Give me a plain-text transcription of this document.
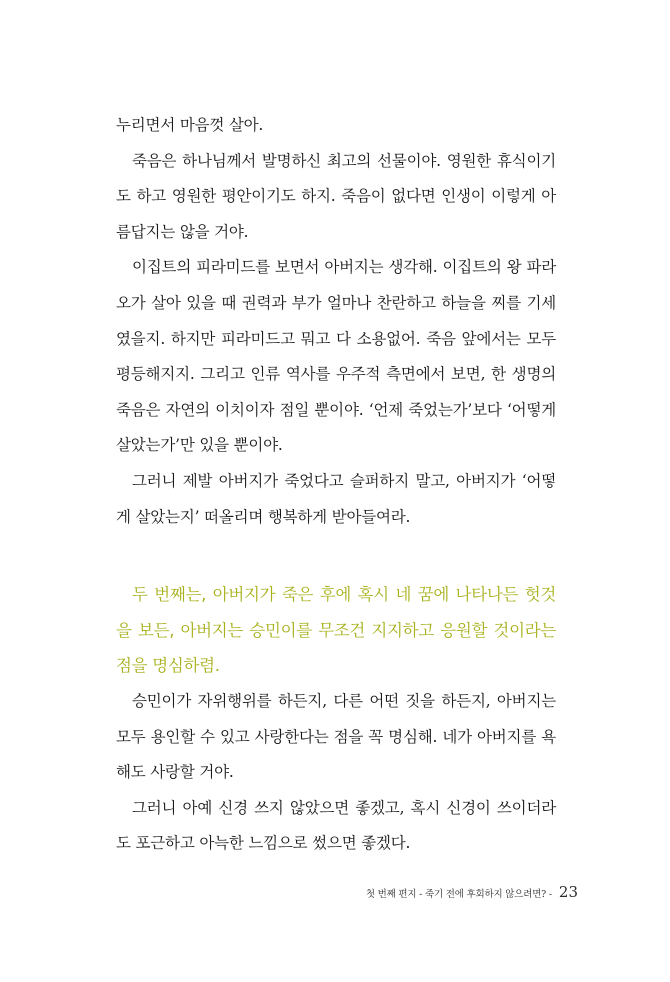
누리면서 마음껏 살아.

죽음은 하나님께서 발명하신 최고의 선물이야. 영원한 휴식이기도 하고 영원한 평안이기도 하지. 죽음이 없다면 인생이 이렇게 아름답지는 않을 거야.

이집트의 피라미드를 보면서 아버지는 생각해. 이집트의 왕 파라오가 살아 있을 때 권력과 부가 얼마나 찬란하고 하늘을 찌를 기세였을지. 하지만 피라미드고 뭐고 다 소용없어. 죽음 앞에서는 모두 평등해지지. 그리고 인류 역사를 우주적 측면에서 보면, 한 생명의 죽음은 자연의 이치이자 점일 뿐이야. ‘언제 죽었는가’보다 ‘어떻게 살았는가’만 있을 뿐이야.

그러니 제발 아버지가 죽었다고 슬퍼하지 말고, 아버지가 ‘어떻게 살았는지’ 떠올리며 행복하게 받아들여라.

두 번째는, 아버지가 죽은 후에 혹시 네 꿈에 나타나든 헛것을 보든, 아버지는 승민이를 무조건 지지하고 응원할 것이라는 점을 명심하렴.

승민이가 자위행위를 하든지, 다른 어떤 짓을 하든지, 아버지는 모두 용인할 수 있고 사랑한다는 점을 꼭 명심해. 네가 아버지를 욕해도 사랑할 거야.

그러니 아예 신경 쓰지 않았으면 좋겠고, 혹시 신경이 쓰이더라도 포근하고 아늑한 느낌으로 썼으면 좋겠다.

첫 번째 편지 - 죽기 전에 후회하지 않으려면? - 23
